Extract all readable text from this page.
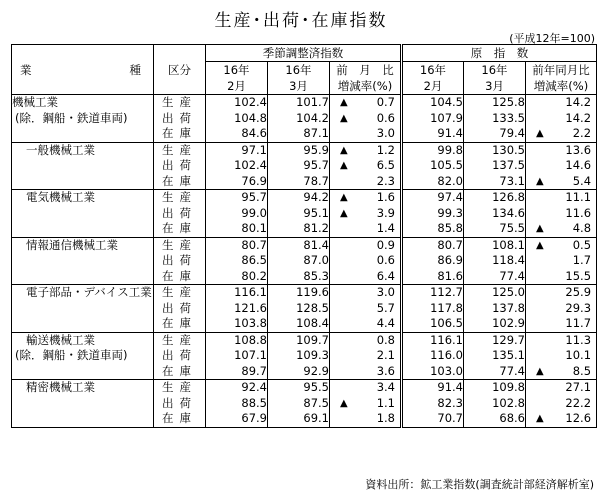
生産･出荷･在庫指数
(平成12年=100)
業 種	区分	季節調整済指数			原　指　数		
		16年	16年	前　月　比	16年	16年	前年同月比
		2月	3月	増減率(%)	2月	3月	増減率(%)
機械工業	生産	102.4	101.7	▲ 0.7	104.5	125.8	14.2

(除．鋼船・鉄道車両)	出荷	104.8	104.2	▲ 0.6	107.9	133.5	14.2

	在庫	84.6	87.1	3.0	91.4	79.4	▲ 2.2

一般機械工業	生産	97.1	95.9	▲ 1.2	99.8	130.5	13.6

	出荷	102.4	95.7	▲ 6.5	105.5	137.5	14.6

	在庫	76.9	78.7	2.3	82.0	73.1	▲ 5.4

電気機械工業	生産	95.7	94.2	▲ 1.6	97.4	126.8	11.1

	出荷	99.0	95.1	▲ 3.9	99.3	134.6	11.6

	在庫	80.1	81.2	1.4	85.8	75.5	▲ 4.8

情報通信機械工業	生産	80.7	81.4	0.9	80.7	108.1	▲ 0.5

	出荷	86.5	87.0	0.6	86.9	118.4	1.7

	在庫	80.2	85.3	6.4	81.6	77.4	15.5

電子部品・デバイス工業	生産	116.1	119.6	3.0	112.7	125.0	25.9

	出荷	121.6	128.5	5.7	117.8	137.8	29.3

	在庫	103.8	108.4	4.4	106.5	102.9	11.7

輸送機械工業	生産	108.8	109.7	0.8	116.1	129.7	11.3

(除．鋼船・鉄道車両)	出荷	107.1	109.3	2.1	116.0	135.1	10.1

	在庫	89.7	92.9	3.6	103.0	77.4	▲ 8.5

精密機械工業	生産	92.4	95.5	3.4	91.4	109.8	27.1

	出荷	88.5	87.5	▲ 1.1	82.3	102.8	22.2

	在庫	67.9	69.1	1.8	70.7	68.6	▲ 12.6
資料出所：鉱工業指数(調査統計部経済解析室)
